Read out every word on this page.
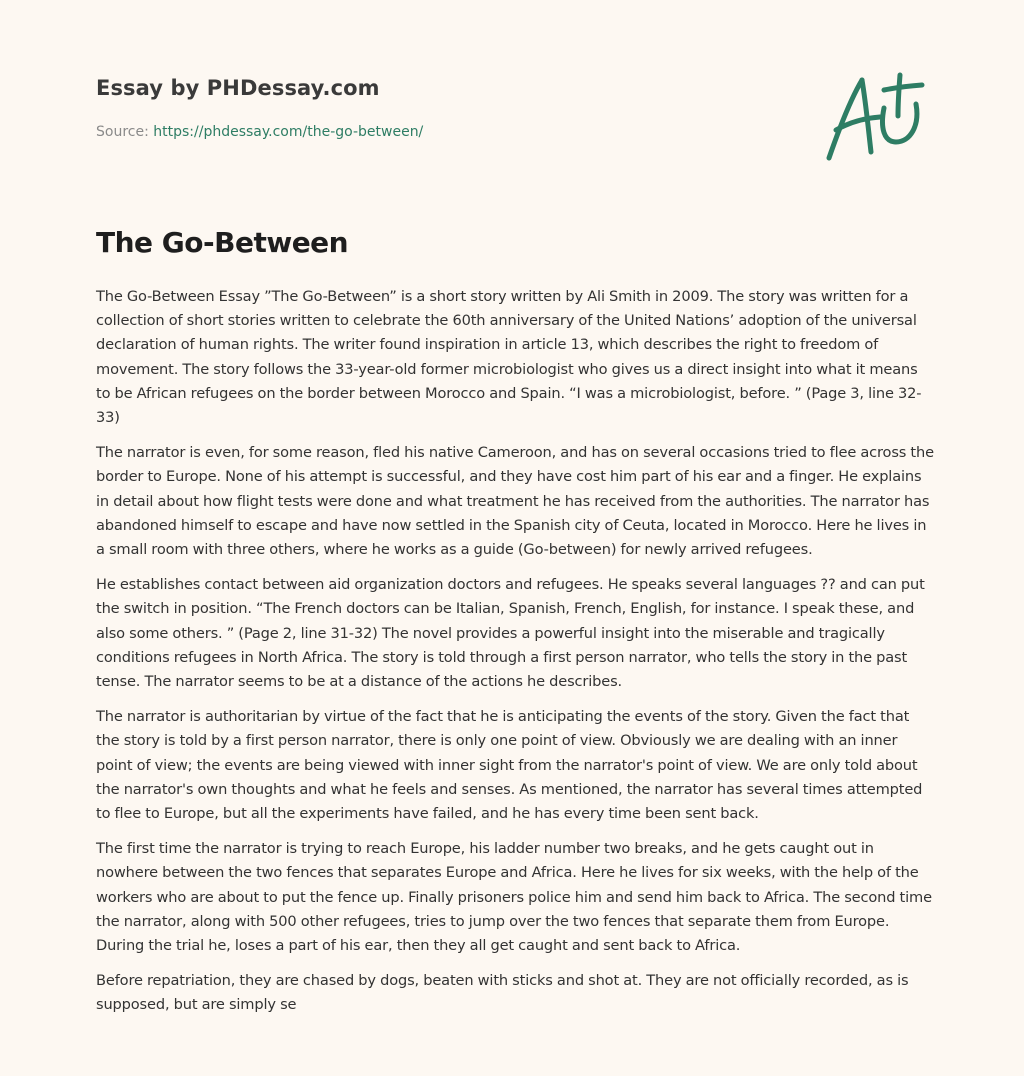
Essay by PHDessay.com

Source: https://phdessay.com/the-go-between/

The Go-Between

The Go-Between Essay ”The Go-Between” is a short story written by Ali Smith in 2009. The story was written for a collection of short stories written to celebrate the 60th anniversary of the United Nations’ adoption of the universal declaration of human rights. The writer found inspiration in article 13, which describes the right to freedom of movement. The story follows the 33-year-old former microbiologist who gives us a direct insight into what it means to be African refugees on the border between Morocco and Spain. “I was a microbiologist, before. ” (Page 3, line 32-33)

The narrator is even, for some reason, fled his native Cameroon, and has on several occasions tried to flee across the border to Europe. None of his attempt is successful, and they have cost him part of his ear and a finger. He explains in detail about how flight tests were done and what treatment he has received from the authorities. The narrator has abandoned himself to escape and have now settled in the Spanish city of Ceuta, located in Morocco. Here he lives in a small room with three others, where he works as a guide (Go-between) for newly arrived refugees.

He establishes contact between aid organization doctors and refugees. He speaks several languages ?? and can put the switch in position. “The French doctors can be Italian, Spanish, French, English, for instance. I speak these, and also some others. ” (Page 2, line 31-32) The novel provides a powerful insight into the miserable and tragically conditions refugees in North Africa. The story is told through a first person narrator, who tells the story in the past tense. The narrator seems to be at a distance of the actions he describes.

The narrator is authoritarian by virtue of the fact that he is anticipating the events of the story. Given the fact that the story is told by a first person narrator, there is only one point of view. Obviously we are dealing with an inner point of view; the events are being viewed with inner sight from the narrator's point of view. We are only told about the narrator's own thoughts and what he feels and senses. As mentioned, the narrator has several times attempted to flee to Europe, but all the experiments have failed, and he has every time been sent back.

The first time the narrator is trying to reach Europe, his ladder number two breaks, and he gets caught out in nowhere between the two fences that separates Europe and Africa. Here he lives for six weeks, with the help of the workers who are about to put the fence up. Finally prisoners police him and send him back to Africa. The second time the narrator, along with 500 other refugees, tries to jump over the two fences that separate them from Europe. During the trial he, loses a part of his ear, then they all get caught and sent back to Africa.

Before repatriation, they are chased by dogs, beaten with sticks and shot at. They are not officially recorded, as is supposed, but are simply se
